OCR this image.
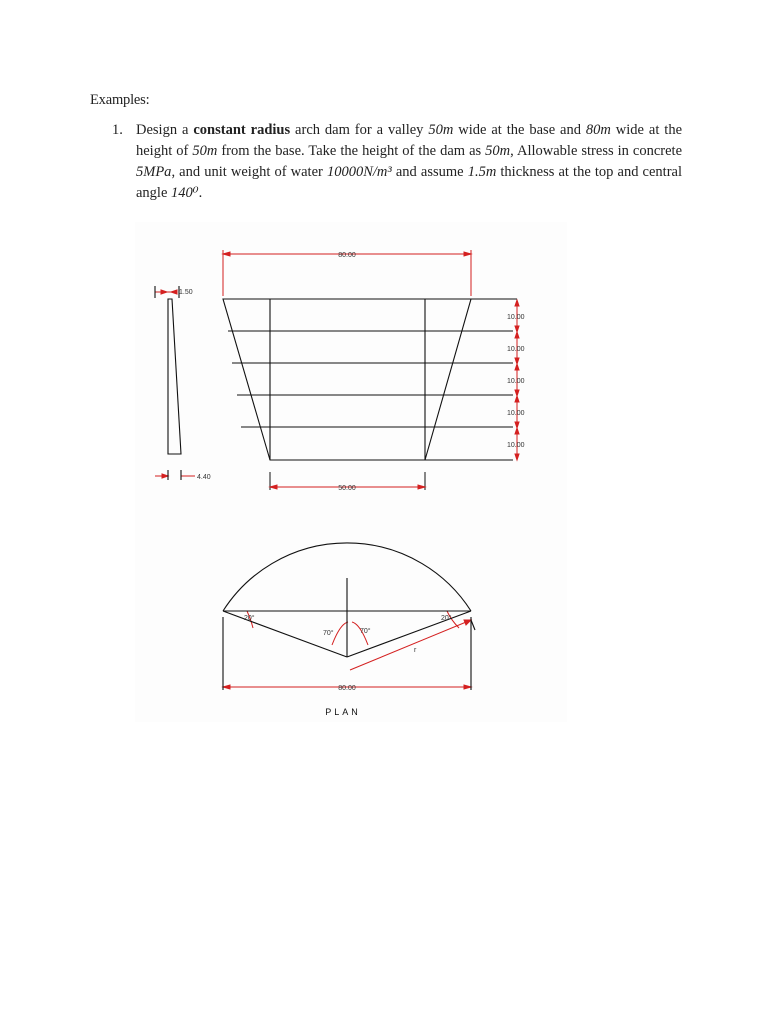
Examples:
1. Design a constant radius arch dam for a valley 50m wide at the base and 80m wide at the height of 50m from the base. Take the height of the dam as 50m, Allowable stress in concrete 5MPa, and unit weight of water 10000N/m³ and assume 1.5m thickness at the top and central angle 140⁰.
80.00
50.00
1.50
4.40
10.00
10.00
10.00
10.00
10.00
80.00
20°	20°
70°	70°
r
PLAN
